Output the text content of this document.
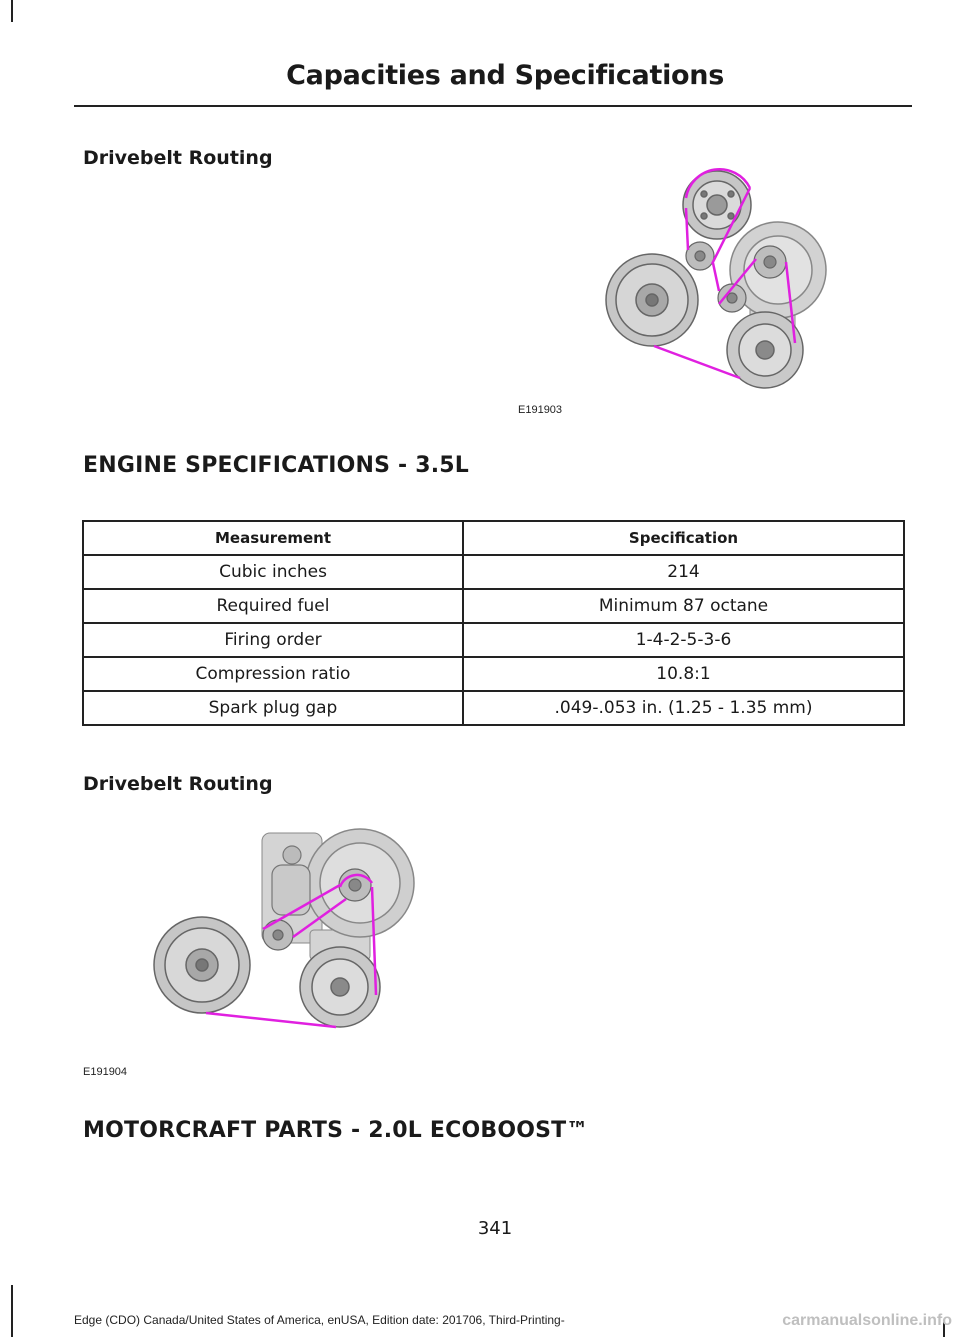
Capacities and Specifications
Drivebelt Routing
E191903
ENGINE SPECIFICATIONS - 3.5L
Measurement	Specification
Cubic inches	214
Required fuel	Minimum 87 octane
Firing order	1-4-2-5-3-6
Compression ratio	10.8:1
Spark plug gap	.049-.053 in. (1.25 - 1.35 mm)
Drivebelt Routing
E191904
MOTORCRAFT PARTS - 2.0L ECOBOOST™
341
Edge (CDO) Canada/United States of America, enUSA, Edition date: 201706, Third-Printing-	carmanualsonline.info
